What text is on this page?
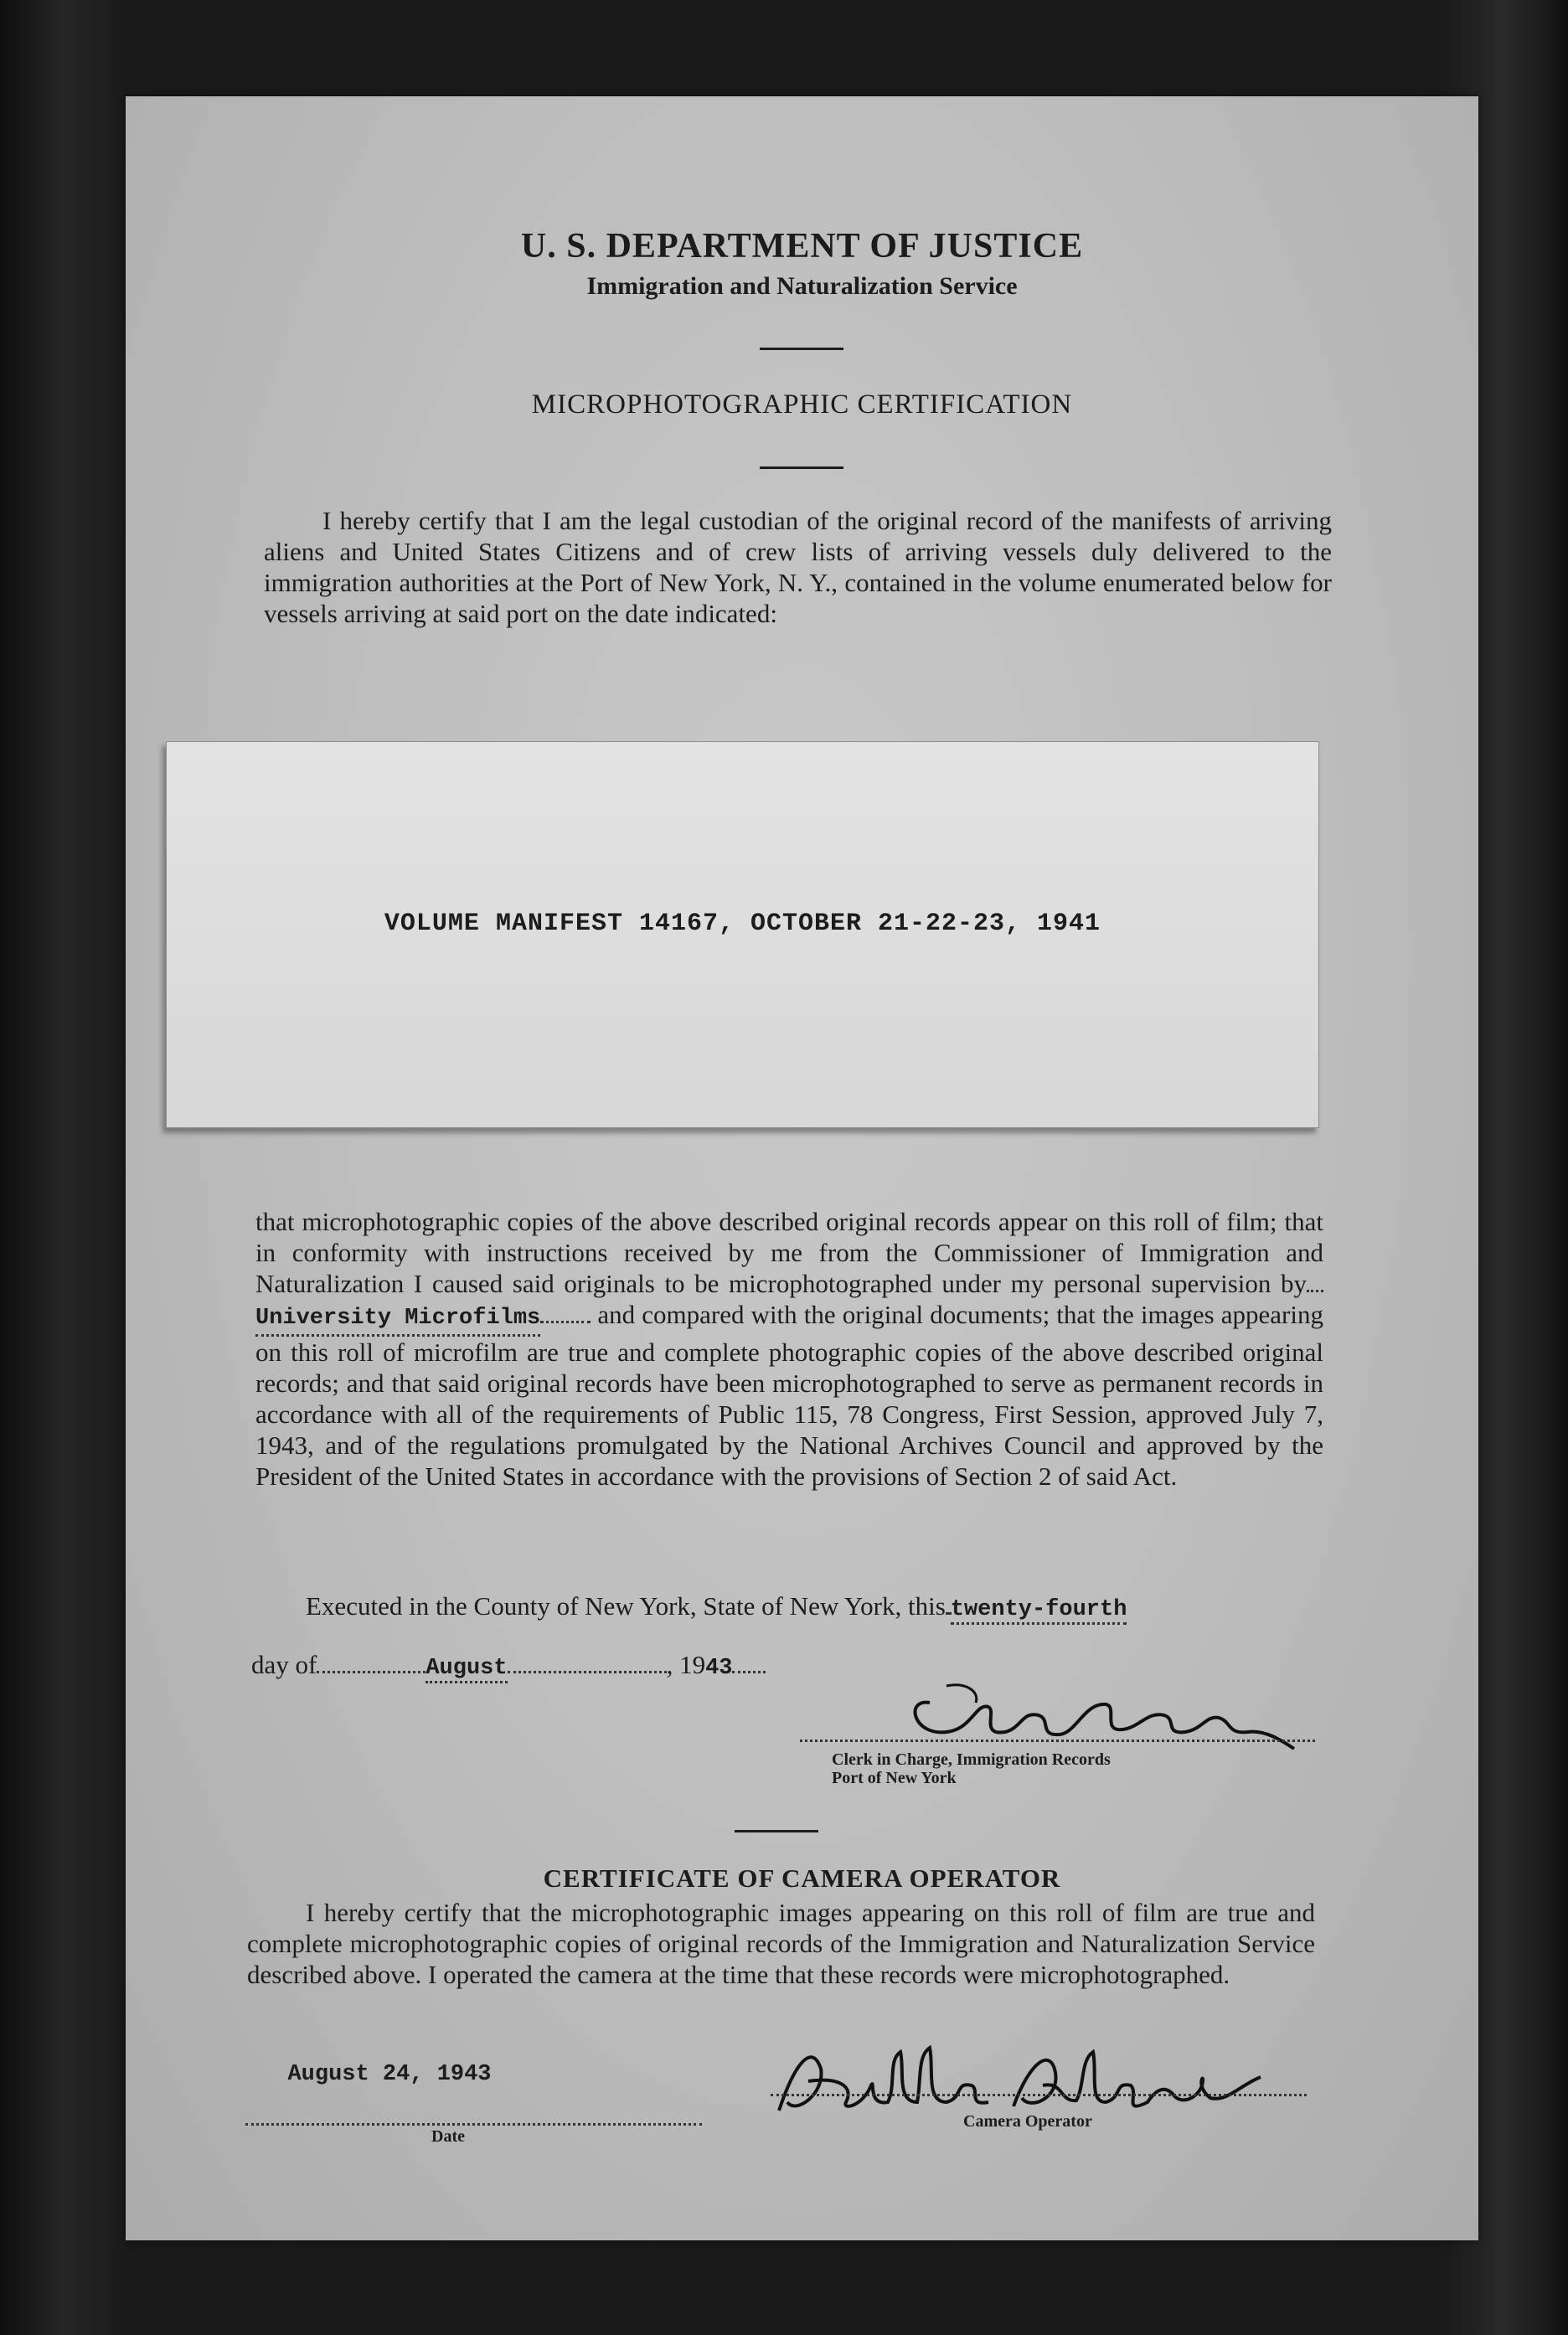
U. S. DEPARTMENT OF JUSTICE
Immigration and Naturalization Service
MICROPHOTOGRAPHIC CERTIFICATION
I hereby certify that I am the legal custodian of the original record of the manifests of arriving aliens and United States Citizens and of crew lists of arriving vessels duly delivered to the immigration authorities at the Port of New York, N. Y., contained in the volume enumerated below for vessels arriving at said port on the date indicated:
VOLUME MANIFEST 14167, OCTOBER 21-22-23, 1941
that microphotographic copies of the above described original records appear on this roll of film; that in conformity with instructions received by me from the Commissioner of Immigration and Naturalization I caused said originals to be microphotographed under my personal supervision by University Microfilms and compared with the original documents; that the images appearing on this roll of microfilm are true and complete photographic copies of the above described original records; and that said original records have been microphotographed to serve as permanent records in accordance with all of the requirements of Public 115, 78 Congress, First Session, approved July 7, 1943, and of the regulations promulgated by the National Archives Council and approved by the President of the United States in accordance with the provisions of Section 2 of said Act.
Executed in the County of New York, State of New York, this twenty-fourth
day of	August	, 1943
Clerk in Charge, Immigration Records
Port of New York
CERTIFICATE OF CAMERA OPERATOR
I hereby certify that the microphotographic images appearing on this roll of film are true and complete microphotographic copies of original records of the Immigration and Naturalization Service described above. I operated the camera at the time that these records were microphotographed.
August 24, 1943
Date
Camera Operator
